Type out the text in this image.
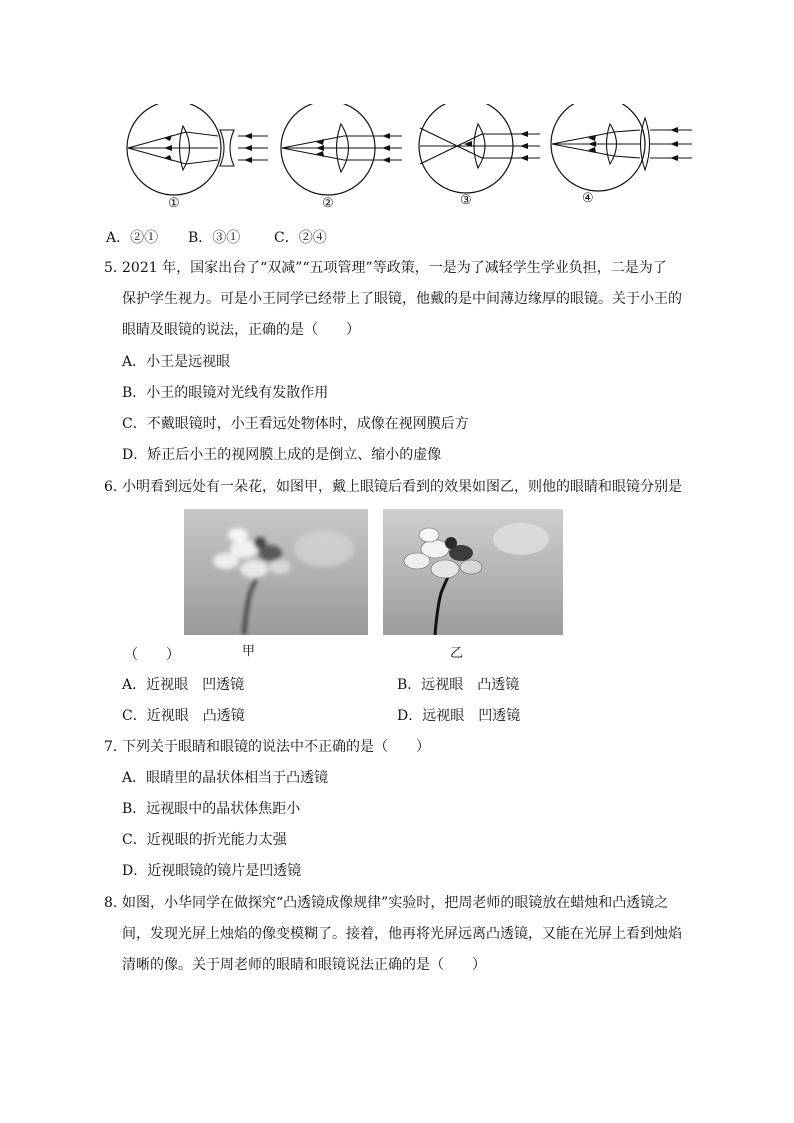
①	②	③	④
A．②① B．③① C．②④
5．
2021 年，国家出台了“双减”“五项管理”等政策，一是为了减轻学生学业负担，二是为了
保护学生视力。可是小王同学已经带上了眼镜，他戴的是中间薄边缘厚的眼镜。关于小王的
眼睛及眼镜的说法，正确的是（　　）
A．小王是远视眼
B．小王的眼镜对光线有发散作用
C．不戴眼镜时，小王看远处物体时，成像在视网膜后方
D．矫正后小王的视网膜上成的是倒立、缩小的虚像
6．
小明看到远处有一朵花，如图甲，戴上眼镜后看到的效果如图乙，则他的眼睛和眼镜分别是
（　　）	甲	乙
A．近视眼　凹透镜	B．远视眼　凸透镜
C．近视眼　凸透镜	D．远视眼　凹透镜
7．
下列关于眼睛和眼镜的说法中不正确的是（　　）
A．眼睛里的晶状体相当于凸透镜
B．远视眼中的晶状体焦距小
C．近视眼的折光能力太强
D．近视眼镜的镜片是凹透镜
8．
如图，小华同学在做探究“凸透镜成像规律”实验时，把周老师的眼镜放在蜡烛和凸透镜之
间，发现光屏上烛焰的像变模糊了。接着，他再将光屏远离凸透镜，又能在光屏上看到烛焰
清晰的像。关于周老师的眼睛和眼镜说法正确的是（　　）
